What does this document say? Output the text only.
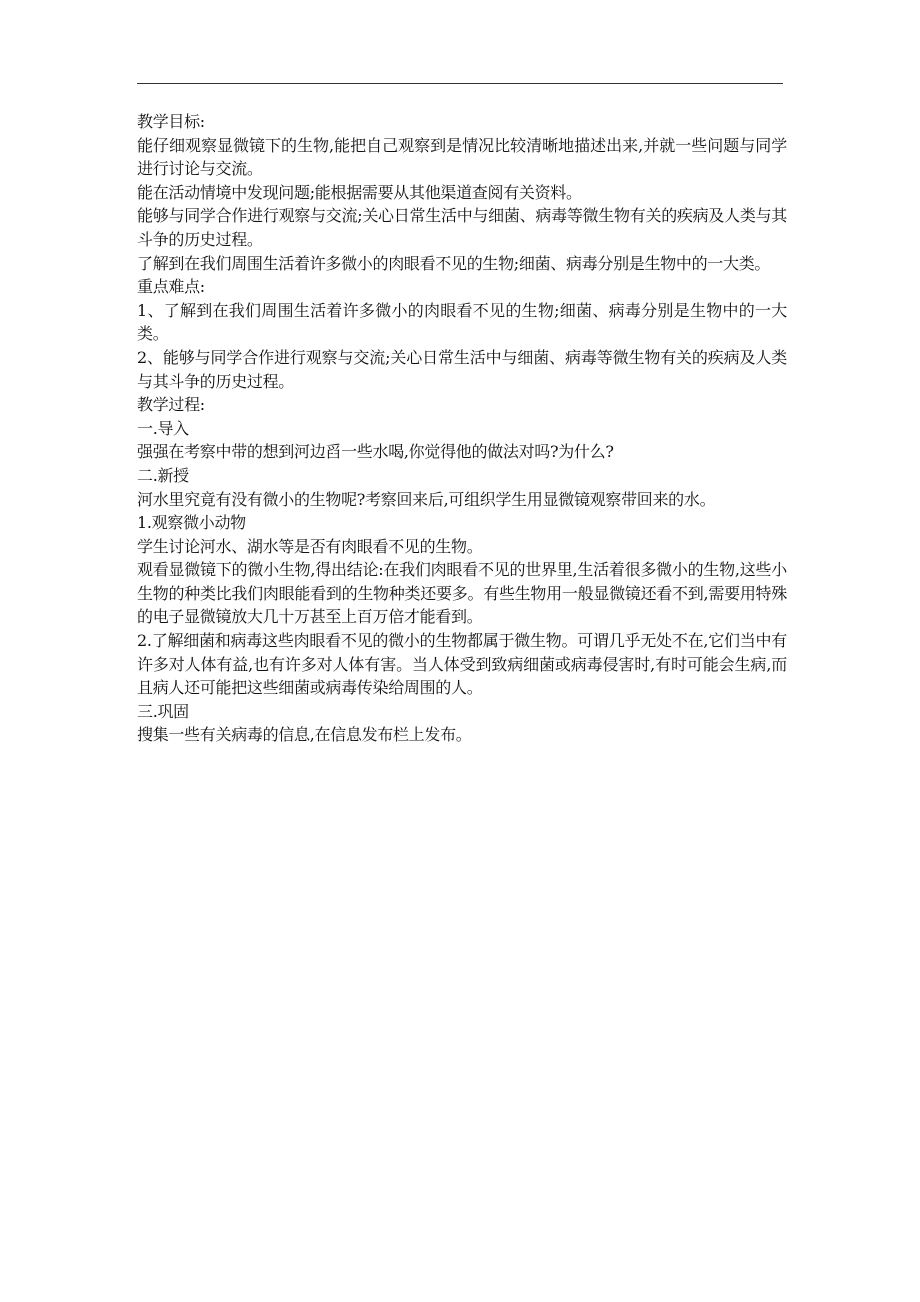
教学目标:

能仔细观察显微镜下的生物,能把自己观察到是情况比较清晰地描述出来,并就一些问题与同学进行讨论与交流。

能在活动情境中发现问题;能根据需要从其他渠道查阅有关资料。

能够与同学合作进行观察与交流;关心日常生活中与细菌、病毒等微生物有关的疾病及人类与其斗争的历史过程。

了解到在我们周围生活着许多微小的肉眼看不见的生物;细菌、病毒分别是生物中的一大类。

重点难点:

1、了解到在我们周围生活着许多微小的肉眼看不见的生物;细菌、病毒分别是生物中的一大类。

2、能够与同学合作进行观察与交流;关心日常生活中与细菌、病毒等微生物有关的疾病及人类与其斗争的历史过程。

教学过程:

一.导入

强强在考察中带的想到河边舀一些水喝,你觉得他的做法对吗?为什么?

二.新授

河水里究竟有没有微小的生物呢?考察回来后,可组织学生用显微镜观察带回来的水。

1.观察微小动物

学生讨论河水、湖水等是否有肉眼看不见的生物。

观看显微镜下的微小生物,得出结论:在我们肉眼看不见的世界里,生活着很多微小的生物,这些小生物的种类比我们肉眼能看到的生物种类还要多。有些生物用一般显微镜还看不到,需要用特殊的电子显微镜放大几十万甚至上百万倍才能看到。

2.了解细菌和病毒这些肉眼看不见的微小的生物都属于微生物。可谓几乎无处不在,它们当中有许多对人体有益,也有许多对人体有害。当人体受到致病细菌或病毒侵害时,有时可能会生病,而且病人还可能把这些细菌或病毒传染给周围的人。

三.巩固

搜集一些有关病毒的信息,在信息发布栏上发布。
